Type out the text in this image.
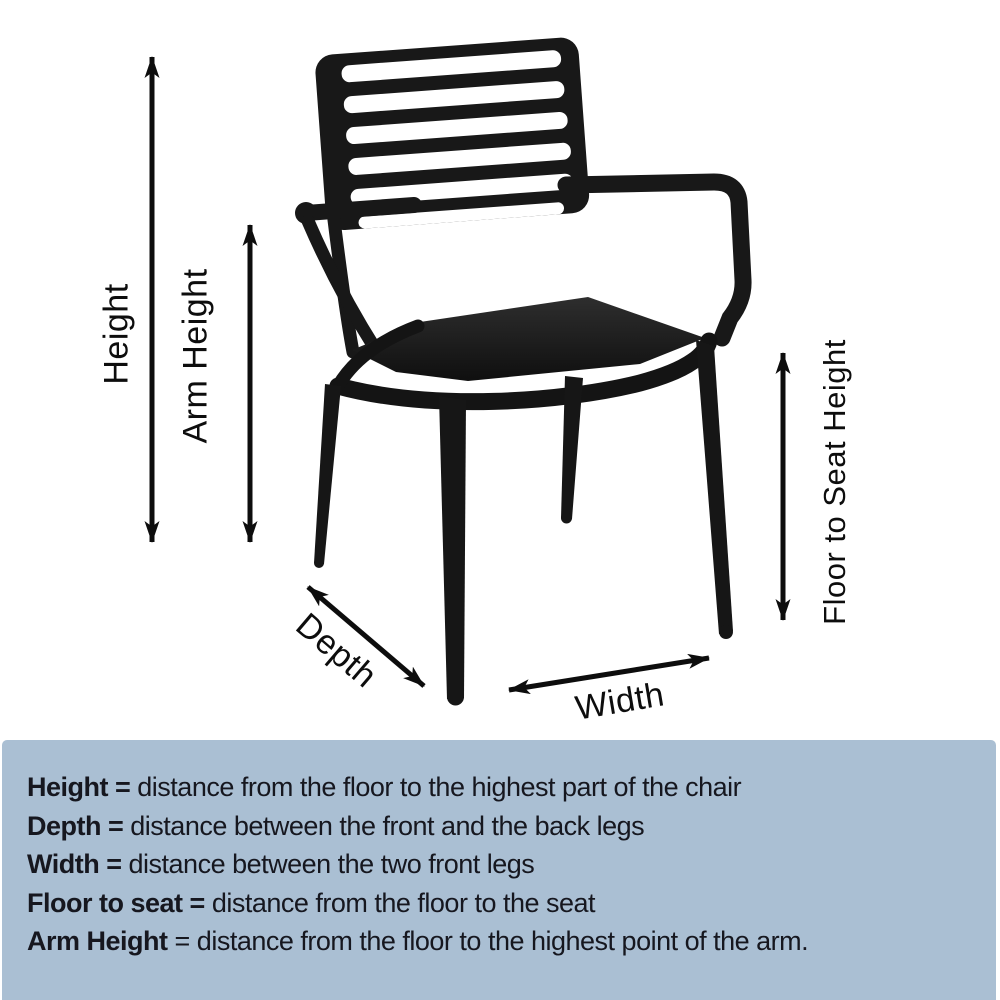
Height Arm Height	Floor to Seat Height
Depth
Width
Height = distance from the floor to the highest part of the chair
Depth = distance between the front and the back legs
Width = distance between the two front legs
Floor to seat = distance from the floor to the seat
Arm Height = distance from the floor to the highest point of the arm.
